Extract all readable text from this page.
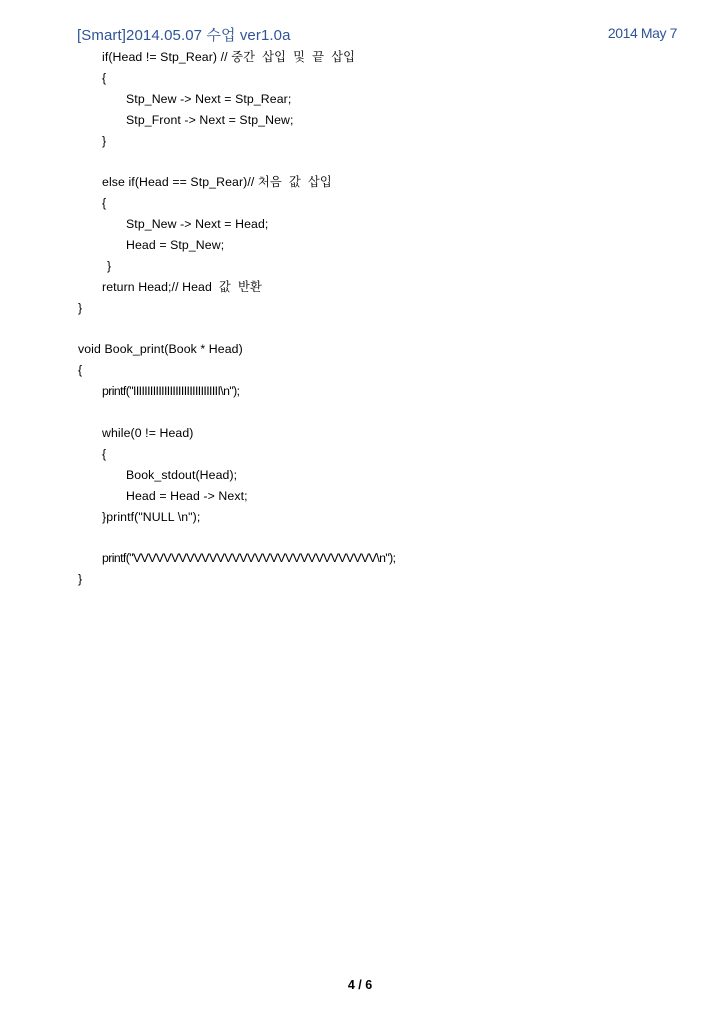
[Smart]2014.05.07 수업 ver1.0a	2014 May 7
if(Head != Stp_Rear) // 중간  삽입  및  끝  삽입
{
Stp_New -> Next = Stp_Rear;
Stp_Front -> Next = Stp_New;
}
else if(Head == Stp_Rear)// 처음  값  삽입
{
Stp_New -> Next = Head;
Head = Stp_New;
}
return Head;// Head  값  반환
}
void Book_print(Book * Head)
{
printf("IIIIIIIIIIIIIIIIIIIIIIIIIIIIIII\n");
while(0 != Head)
{
Book_stdout(Head);
Head = Head -> Next;
}printf("NULL \n");
printf("VVVVVVVVVVVVVVVVVVVVVVVVVVVVVVVV\n");
}
4 / 6
